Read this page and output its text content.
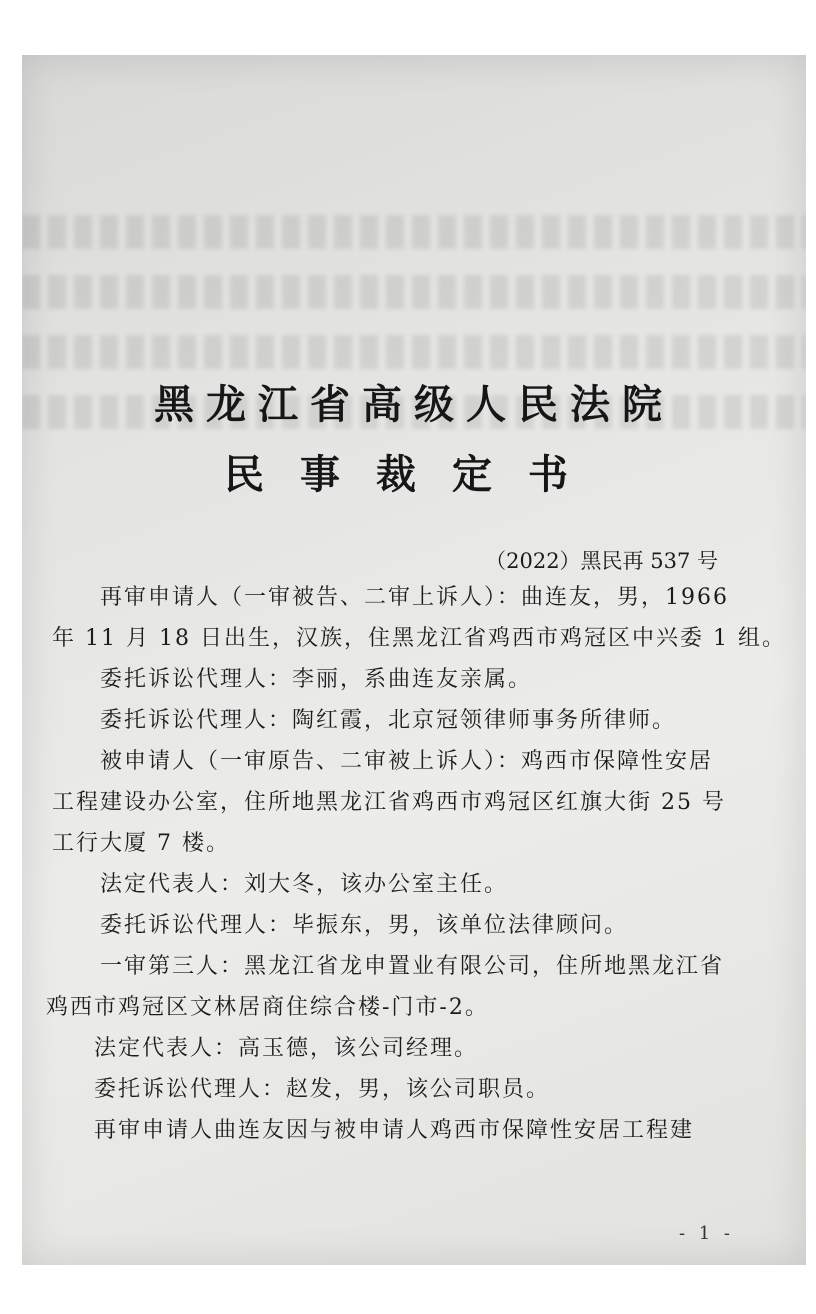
黑龙江省高级人民法院
民事裁定书
（2022）黑民再 537 号
再审申请人（一审被告、二审上诉人）：曲连友，男，1966
年 11 月 18 日出生，汉族，住黑龙江省鸡西市鸡冠区中兴委 1 组。
委托诉讼代理人：李丽，系曲连友亲属。
委托诉讼代理人：陶红霞，北京冠领律师事务所律师。
被申请人（一审原告、二审被上诉人）：鸡西市保障性安居
工程建设办公室，住所地黑龙江省鸡西市鸡冠区红旗大街 25 号
工行大厦 7 楼。
法定代表人：刘大冬，该办公室主任。
委托诉讼代理人：毕振东，男，该单位法律顾问。
一审第三人：黑龙江省龙申置业有限公司，住所地黑龙江省
鸡西市鸡冠区文林居商住综合楼-门市-2。
法定代表人：高玉德，该公司经理。
委托诉讼代理人：赵发，男，该公司职员。
再审申请人曲连友因与被申请人鸡西市保障性安居工程建
- 1 -
